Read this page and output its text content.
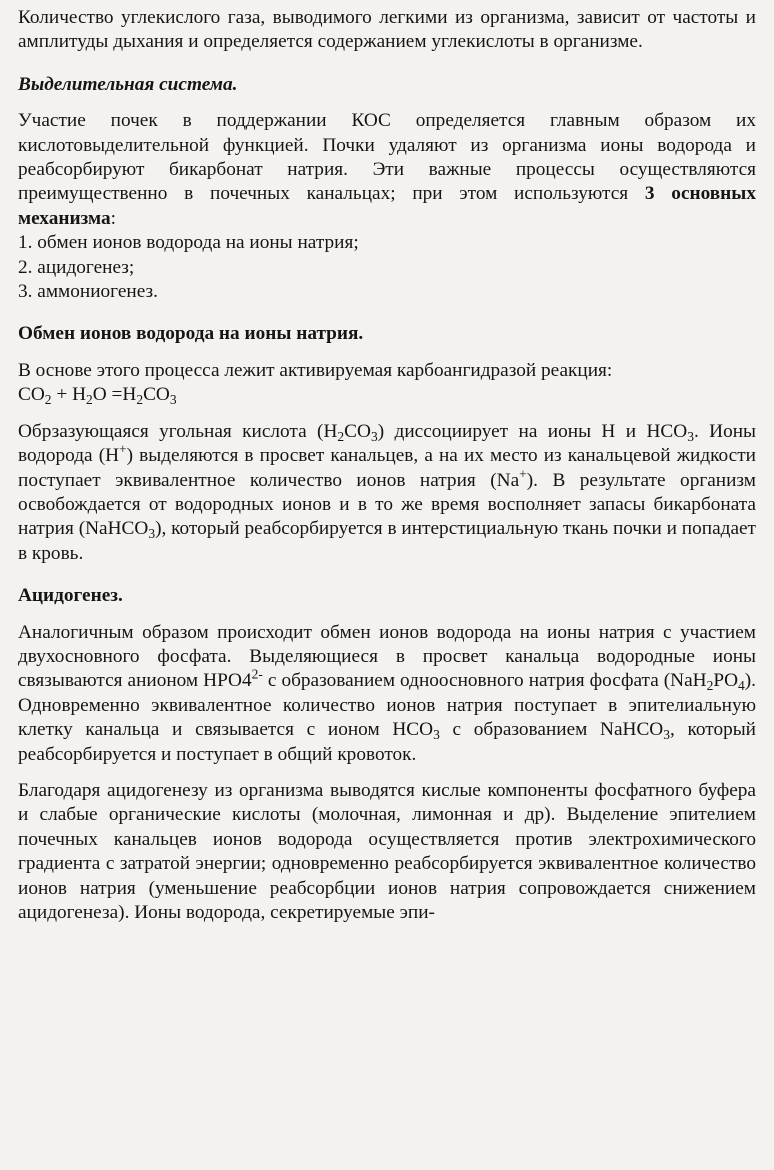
Количество углекислого газа, выводимого легкими из организма, зависит от частоты и амплитуды дыхания и определяется содержанием углекислоты в организме.

Выделительная система.

Участие почек в поддержании КОС определяется главным образом их кислотовыделительной функцией. Почки удаляют из организма ионы водорода и реабсорбируют бикарбонат натрия. Эти важные процессы осуществляются преимущественно в почечных канальцах; при этом используются 3 основных механизма:

1. обмен ионов водорода на ионы натрия;

2. ацидогенез;

3. аммониогенез.

Обмен ионов водорода на ионы натрия.

В основе этого процесса лежит активируемая карбоангидразой реакция:

$CO_2 + H_2O =H_2CO_3$

Обрзазующаяся угольная кислота $(H_2CO_3)$ диссоциирует на ионы Н и $HCO_3$. Ионы водорода (Н+) выделяются в просвет канальцев, а на их место из канальцевой жидкости поступает эквивалентное количество ионов натрия (Na+). В результате организм освобождается от водородных ионов и в то же время восполняет запасы бикарбоната натрия (NaHCO$_3$), который реабсорбируется в интерстициальную ткань почки и попадает в кровь.

Ацидогенез.

Аналогичным образом происходит обмен ионов водорода на ионы натрия с участием двухосновного фосфата. Выделяющиеся в просвет канальца водородные ионы связываются анионом $НРО4^{2-}$ с образованием одноосновного натрия фосфата $(NaH_2PO_4)$. Одновременно эквивалентное количество ионов натрия поступает в эпителиальную клетку канальца и связывается с ионом $НСО_3$ с образованием NaHCO$_3$, который реабсорбируется и поступает в общий кровоток.

Благодаря ацидогенезу из организма выводятся кислые компоненты фосфатного буфера и слабые органические кислоты (молочная, лимонная и др). Выделение эпителием почечных канальцев ионов водорода осуществляется против электрохимического градиента с затратой энергии; одновременно реабсорбируется эквивалентное количество ионов натрия (уменьшение реабсорбции ионов натрия сопровождается снижением ацидогенеза). Ионы водорода, секретируемые эпи-
